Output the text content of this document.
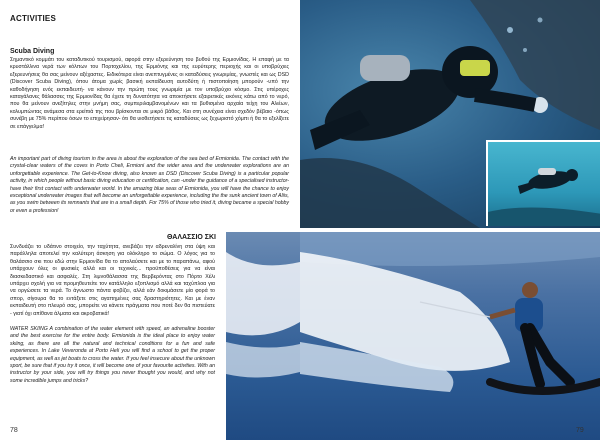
ACTIVITIES
Scuba Diving

Σημαντικό κομμάτι του καταδυτικού τουρισμού, αφορά στην εξερεύνηση του βυθού της Ερμιονίδας. Η επαφή με τα κρυστάλλινα νερά των κόλπων του Πορτοχελίου, της Ερμιόνης και της ευρύτερης περιοχής και οι υποβρύχιες εξερευνήσεις θα σας μείνουν αξέχαστες. Ειδικότερα είναι ανεπτυγμένες οι καταδύσεις γνωριμίας, γνωστές και ως DSD (Discover Scuba Diving), όπου άτομα χωρίς βασική εκπαίδευση αυτοδύτη ή πιστοποίηση μπορούν -υπό την καθοδήγηση ενός εκπαιδευτή- να κάνουν την πρώτη τους γνωριμία με τον υποβρύχιο κόσμο. Στις υπέροχες καταγάλανες θάλασσες της Ερμιονίδας θα έχετε τη δυνατότητα να αποκτήσετε εξαιρετικές εικόνες κάτω από το νερό, που θα μείνουν ανεξίτηλες στην μνήμη σας, συμπεριλαμβανομένων και τα βυθισμένα αρχαία τείχη του Αλιέων, κολυμπώντας ανάμεσα στα ερείπιά της που βρίσκονται σε μικρό βάθος. Και στη συνέχεια είναι σχεδόν βέβαιο -όπως συνέβη με 75% περίπου όσων το επιχείρησαν- ότι θα υιοθετήσετε τις καταδύσεις ως ξεχωριστό χόμπι ή θα το εξελίξετε σε επάγγελμα!

An important part of diving tourism in the area is about the exploration of the sea bed of Ermionida. The contact with the crystal-clear waters of the coves in Porto Cheli, Ermioni and the wider area and the underwater explorations are an unforgettable experience. The Get-to-Know diving, also known as DSD (Discover Scuba Diving) is a particular popular activity, in which people without basic diving education or certification, can -under the guidance of a specialised instructor- have their first contact with underwater world. In the amazing blue seas of Ermionida, you will have the chance to enjoy exceptional underwater images that will become an unforgettable experience, including the the sunk ancient town of Aliis, as you swim between its remnants that are in a small depth. For 75% of those who tried it, diving became a special hobby or even a profession!

ΘΑΛΑΣΣΙΟ ΣΚΙ

Συνδυάζει το υδάτινο στοιχείο, την ταχύτητα, ανεβάζει την αδρεναλίνη στα ύψη και παράλληλα αποτελεί την καλύτερη άσκηση για ολόκληρο το σώμα. Ο λόγος για το θαλάσσιο σκι που εδώ στην Ερμιονίδα θα το απολαύσετε και με το παραπάνω, αφού υπάρχουν όλες οι φυσικές αλλά και οι τεχνικές... προϋποθέσεις για να είναι διασκεδαστικό και ασφαλές. Στη λιμνοθάλασσα της Βερβερόντας στο Πόρτο Χέλι υπάρχει σχολή για να προμηθευτείτε τον κατάλληλο εξοπλισμό αλλά και ταχύπλοα για να οργώσετε τα νερά. Το άγνωστο πάντα φοβίζει, αλλά εάν δοκιμάσετε μία φορά το σπορ, σίγουρα θα το εντάξετε στις αγαπημένες σας δραστηριότητες. Και με έναν εκπαιδευτή στο πλευρό σας, μπορείτε να κάνετε πράγματα που ποτέ δεν θα πιστεύατε - γιατί όχι απίθανα άλματα και ακροβατικά!

WATER SKIING A combination of the water element with speed, an adrenaline booster and the best exercise for the entire body. Ermionida is the ideal place to enjoy water skiing, as there are all the natural and technical conditions for a fun and safe experiences. In Lake Veveronda at Porto Heli you will find a school to get the proper equipment, as well as jet boats to cross the water. If you feel insecure about the unknown sport, be sure that if you try it once, it will become one of your favourite activities. With an instructor by your side, you will try things you never thought you would, and why not some incredible jumps and tricks?

78	79
